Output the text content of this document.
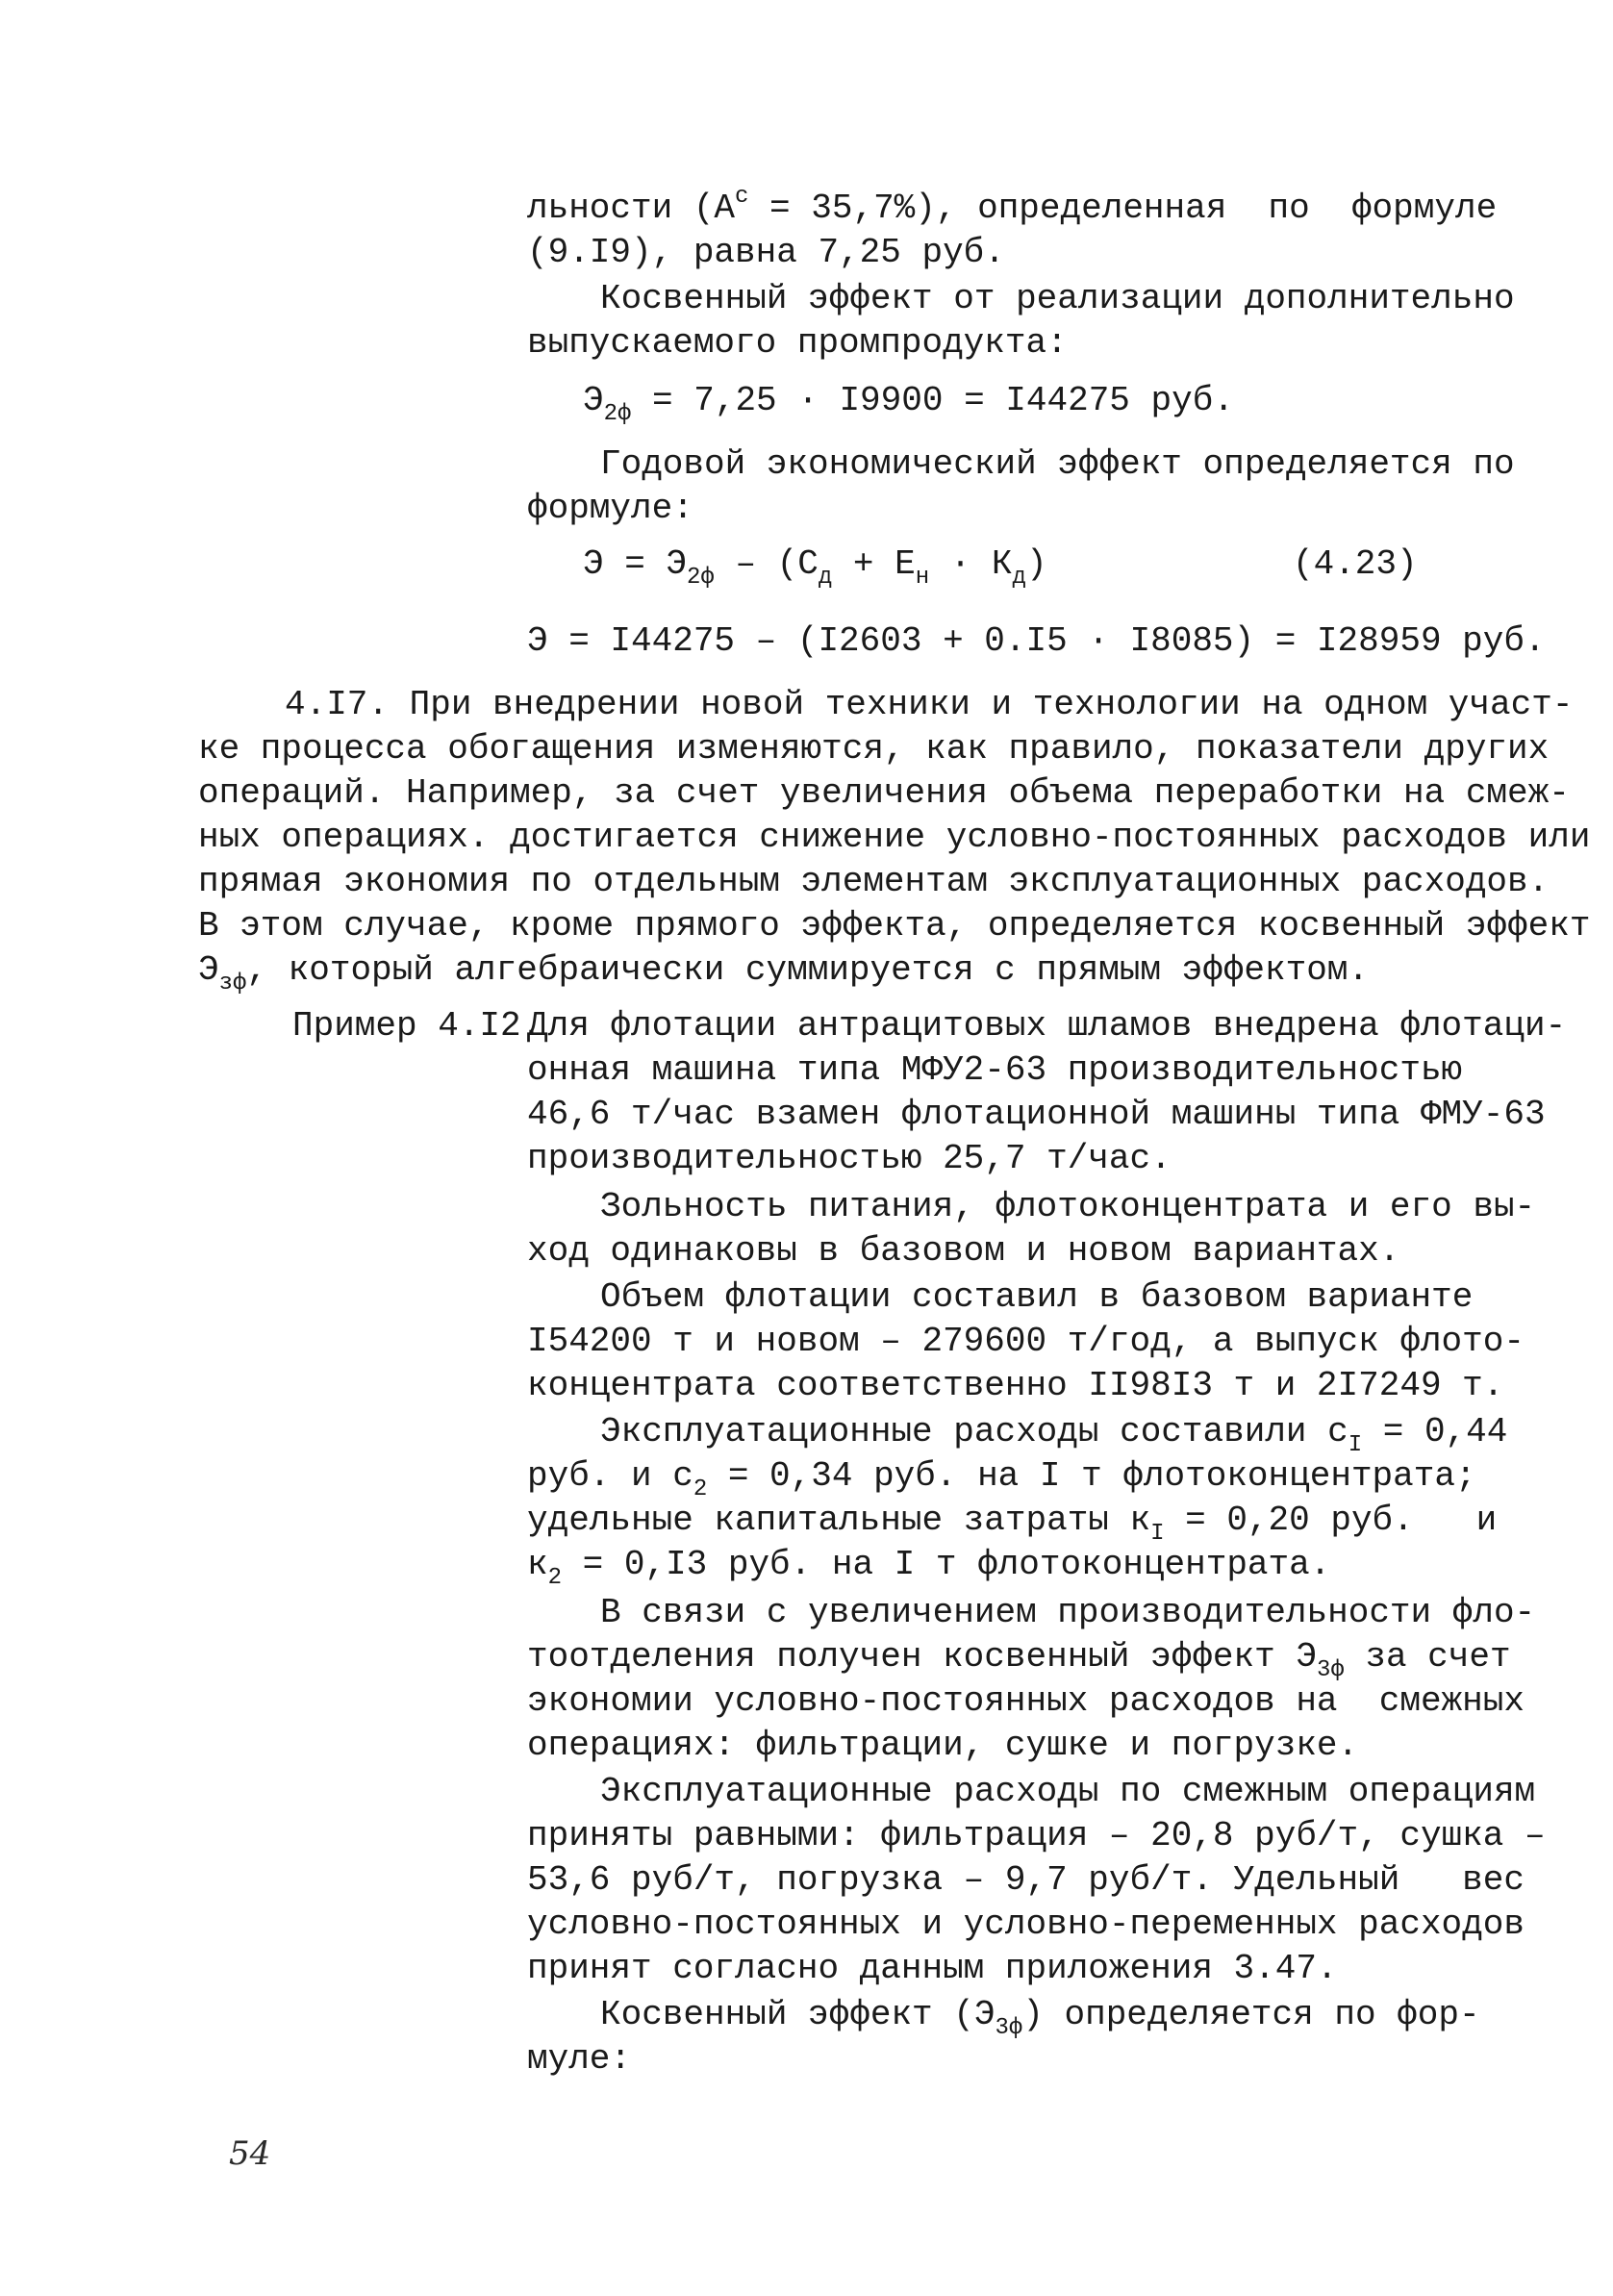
льности $(А^с = 35,7\%)$, определенная  по  формуле
(9.I9), равна 7,25 руб.
Косвенный эффект от реализации дополнительно
выпускаемого промпродукта:
$Э_{2ф} = 7,25 \cdot I9900 = I44275$ руб.
Годовой экономический эффект определяется по
формуле:
$Э = Э_{2ф} - (С_д + Е_н \cdot К_д)$	(4.23)
Э = I44275 – (I2603 + 0.I5 · I8085) = I28959 руб.
4.I7. При внедрении новой техники и технологии на одном участ-
ке процесса обогащения изменяются, как правило, показатели других
операций. Например, за счет увеличения объема переработки на смеж-
ных операциях. достигается снижение условно-постоянных расходов или
прямая экономия по отдельным элементам эксплуатационных расходов.
В этом случае, кроме прямого эффекта, определяется косвенный эффект
$Э_{зф}$, который алгебраически суммируется с прямым эффектом.
Пример 4.I2.
Для флотации антрацитовых шламов внедрена флотаци-
онная машина типа МФУ2-63 производительностью
46,6 т/час взамен флотационной машины типа ФМУ-63
производительностью 25,7 т/час.
Зольность питания, флотоконцентрата и его вы-
ход одинаковы в базовом и новом вариантах.
Объем флотации составил в базовом варианте
I54200 т и новом – 279600 т/год, а выпуск флото-
концентрата соответственно II98I3 т и 2I7249 т.
Эксплуатационные расходы составили $с_I = 0,44$
руб. и $с_2 = 0,34$ руб. на I т флотоконцентрата;
удельные капитальные затраты $к_I = 0,20$ руб.   и
$к_2 = 0,I3$ руб. на I т флотоконцентрата.
В связи с увеличением производительности фло-
тоотделения получен косвенный эффект $Э_{3ф}$ за счет
экономии условно-постоянных расходов на  смежных
операциях: фильтрации, сушке и погрузке.
Эксплуатационные расходы по смежным операциям
приняты равными: фильтрация – 20,8 руб/т, сушка –
53,6 руб/т, погрузка – 9,7 руб/т. Удельный   вес
условно-постоянных и условно-переменных расходов
принят согласно данным приложения 3.47.
Косвенный эффект $(Э_{3ф})$ определяется по фор-
муле:
54
